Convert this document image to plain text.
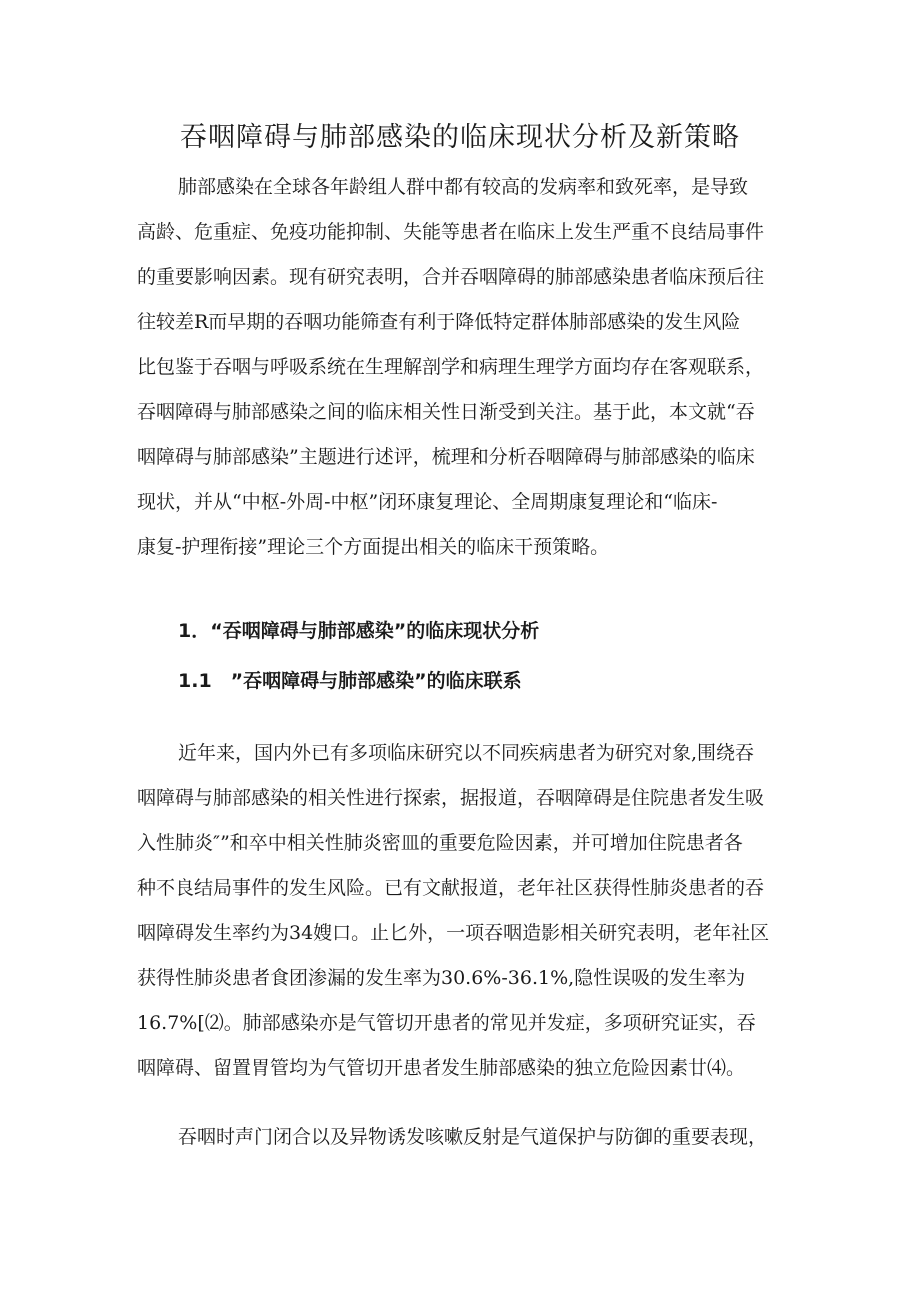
吞咽障碍与肺部感染的临床现状分析及新策略

肺部感染在全球各年龄组人群中都有较高的发病率和致死率，是导致

高龄、危重症、免疫功能抑制、失能等患者在临床上发生严重不良结局事件

的重要影响因素。现有研究表明，合并吞咽障碍的肺部感染患者临床预后往

往较差R而早期的吞咽功能筛查有利于降低特定群体肺部感染的发生风险

比包鉴于吞咽与呼吸系统在生理解剖学和病理生理学方面均存在客观联系，

吞咽障碍与肺部感染之间的临床相关性日渐受到关注。基于此，本文就“吞

咽障碍与肺部感染”主题进行述评，梳理和分析吞咽障碍与肺部感染的临床

现状，并从“中枢-外周-中枢”闭环康复理论、全周期康复理论和“临床-

康复-护理衔接”理论三个方面提出相关的临床干预策略。

1．“吞咽障碍与肺部感染”的临床现状分析

1.1　”吞咽障碍与肺部感染”的临床联系

近年来，国内外已有多项临床研究以不同疾病患者为研究对象,围绕吞

咽障碍与肺部感染的相关性进行探索，据报道，吞咽障碍是住院患者发生吸

入性肺炎″”和卒中相关性肺炎密皿的重要危险因素，并可增加住院患者各

种不良结局事件的发生风险。已有文献报道，老年社区获得性肺炎患者的吞

咽障碍发生率约为34嫂口。止匕外，一项吞咽造影相关研究表明，老年社区

获得性肺炎患者食团渗漏的发生率为30.6%-36.1%,隐性误吸的发生率为

16.7%[⑵。肺部感染亦是气管切开患者的常见并发症，多项研究证实，吞

咽障碍、留置胃管均为气管切开患者发生肺部感染的独立危险因素廿⑷。

吞咽时声门闭合以及异物诱发咳嗽反射是气道保护与防御的重要表现，
